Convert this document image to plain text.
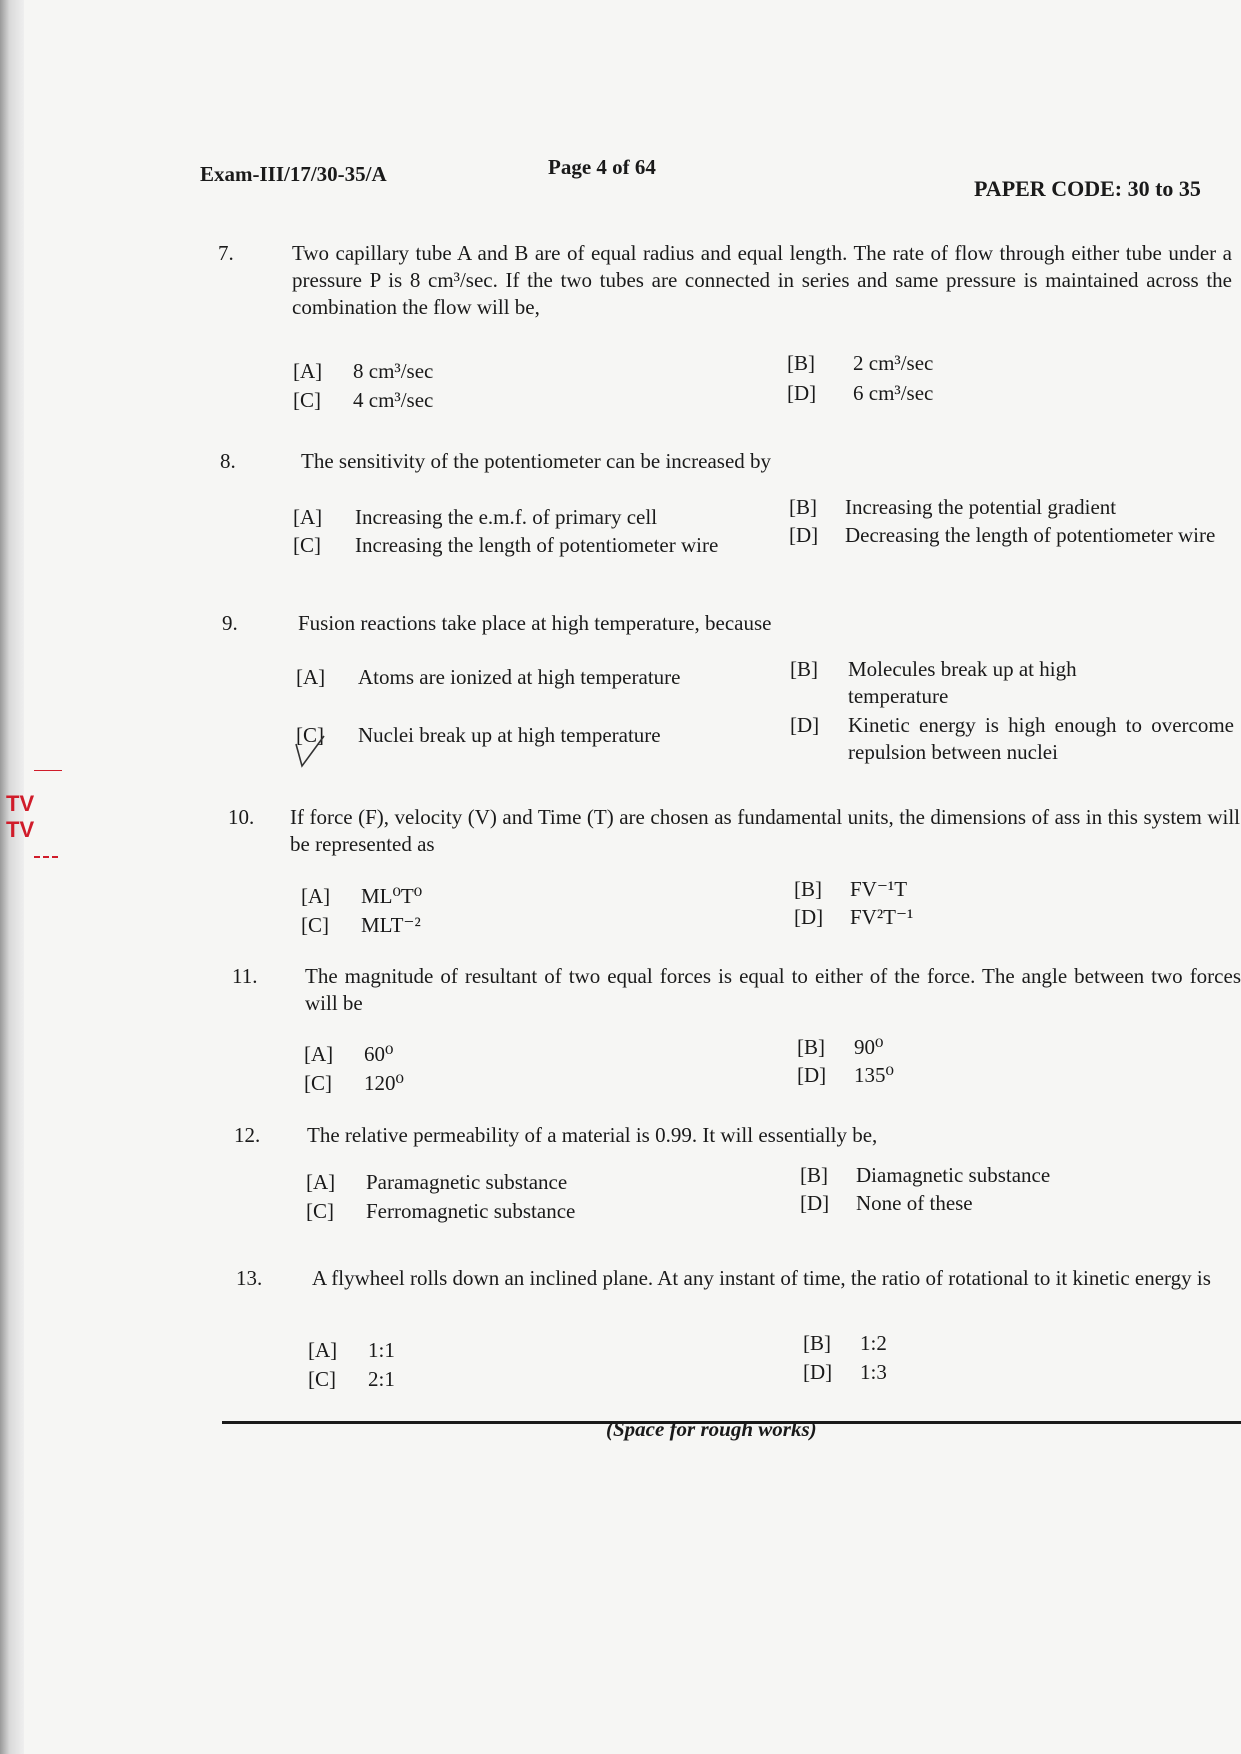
TV
TV
Exam-III/17/30-35/A	Page 4 of 64
PAPER CODE: 30 to 35
7.	Two capillary tube A and B are of equal radius and equal length. The rate of flow through either tube under a pressure P is 8 cm³/sec. If the two tubes are connected in series and same pressure is maintained across the combination the flow will be,
[A] 8 cm³/sec	[B] 2 cm³/sec
[C] 4 cm³/sec	[D] 6 cm³/sec
8.	The sensitivity of the potentiometer can be increased by
[A] Increasing the e.m.f. of primary cell	[B] Increasing the potential gradient
[C] Increasing the length of potentiometer wire	[D] Decreasing the length of potentiometer wire
9.	Fusion reactions take place at high temperature, because
[A] Atoms are ionized at high temperature	[B] Molecules break up at high temperature
[C] Nuclei break up at high temperature	[D] Kinetic energy is high enough to overcome repulsion between nuclei
10. If force (F), velocity (V) and Time (T) are chosen as fundamental units, the dimensions of ass in this system will be represented as
[A] ML⁰T⁰	[B] FV⁻¹T
[C] MLT⁻²	[D] FV²T⁻¹
11. The magnitude of resultant of two equal forces is equal to either of the force. The angle between two forces will be
[A] 60⁰	[B] 90⁰
[C] 120⁰	[D] 135⁰
12. The relative permeability of a material is 0.99. It will essentially be,
[A] Paramagnetic substance	[B] Diamagnetic substance
[C] Ferromagnetic substance	[D] None of these
13. A flywheel rolls down an inclined plane. At any instant of time, the ratio of rotational to it kinetic energy is
[A] 1:1	[B] 1:2
[C] 2:1	[D] 1:3
(Space for rough works)
